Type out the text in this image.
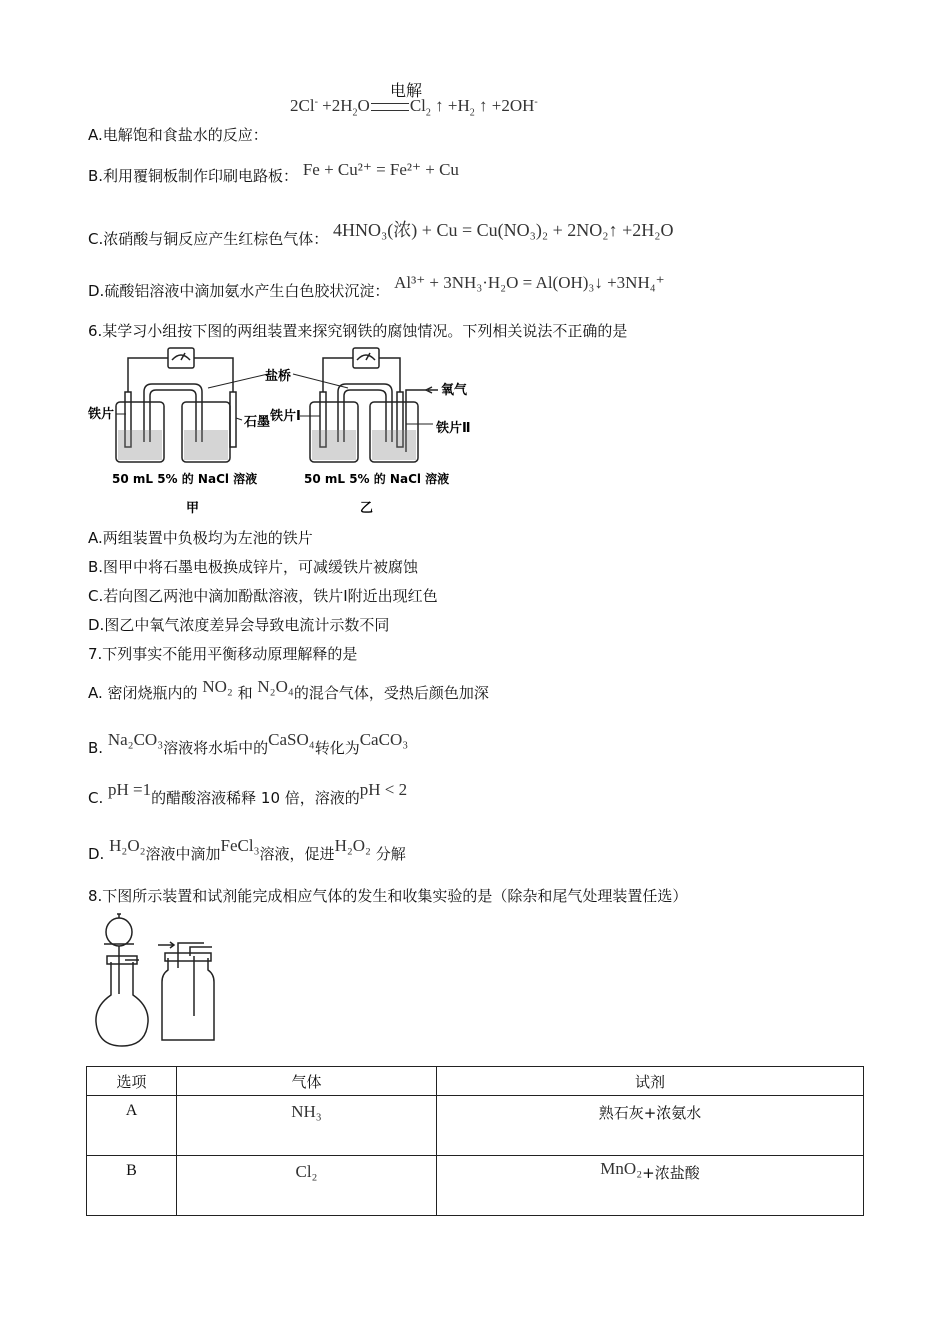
$2Cl^- +2H_2O$ $Cl_2$ ↑ $+H_2$ ↑ +2OH-
电解
A.电解饱和食盐水的反应：
B.利用覆铜板制作印刷电路板： Fe + Cu²⁺ = Fe²⁺ + Cu
C.浓硝酸与铜反应产生红棕色气体： 4HNO₃(浓) + Cu = Cu(NO₃)₂ + 2NO₂↑ +2H₂O
D.硫酸铝溶液中滴加氨水产生白色胶状沉淀： Al³⁺ + 3NH₃·H₂O = Al(OH)₃↓ +3NH₄⁺
6.某学习小组按下图的两组装置来探究钢铁的腐蚀情况。下列相关说法不正确的是
盐桥
氧气
铁片
石墨 铁片I
铁片Ⅱ
50 mL 5% 的 NaCl 溶液	50 mL 5% 的 NaCl 溶液
甲	乙
A.两组装置中负极均为左池的铁片
B.图甲中将石墨电极换成锌片，可减缓铁片被腐蚀
C.若向图乙两池中滴加酚酞溶液，铁片I附近出现红色
D.图乙中氧气浓度差异会导致电流计示数不同
7.下列事实不能用平衡移动原理解释的是
A. 密闭烧瓶内的 NO₂ 和 N₂O₄的混合气体，受热后颜色加深
B. Na₂CO₃溶液将水垢中的CaSO₄转化为CaCO₃
C. pH =1的醋酸溶液稀释 10 倍，溶液的pH < 2
D. H₂O₂溶液中滴加FeCl₃溶液，促进H₂O₂ 分解
8.下图所示装置和试剂能完成相应气体的发生和收集实验的是（除杂和尾气处理装置任选）
选项	气体	试剂
A	NH₃	熟石灰+浓氨水
B	Cl₂	MnO₂+浓盐酸
